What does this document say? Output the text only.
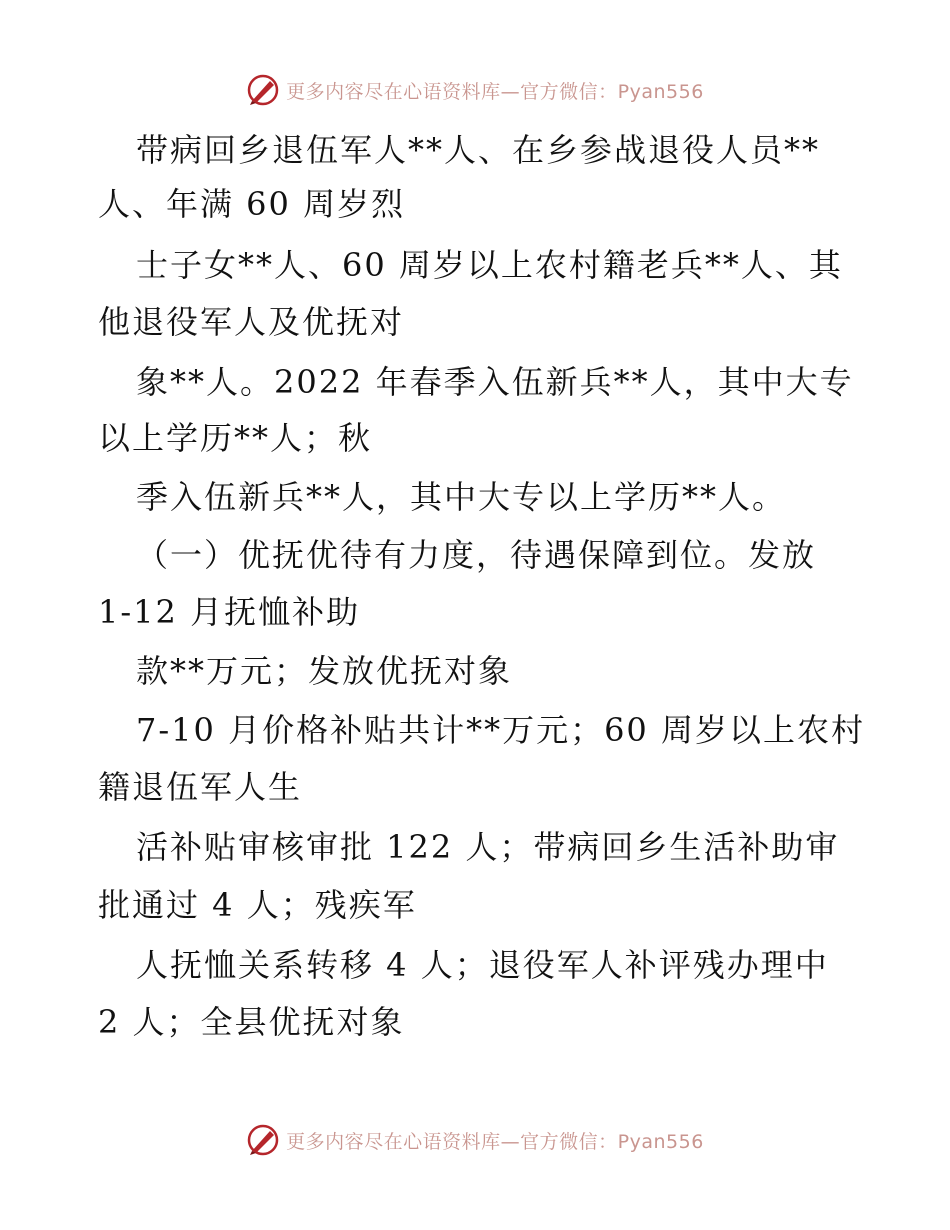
更多内容尽在心语资料库—官方微信：Pyan556
带病回乡退伍军人**人、在乡参战退役人员**
人、年满 60 周岁烈
士子女**人、60 周岁以上农村籍老兵**人、其
他退役军人及优抚对
象**人。2022 年春季入伍新兵**人，其中大专
以上学历**人；秋
季入伍新兵**人，其中大专以上学历**人。
（一）优抚优待有力度，待遇保障到位。发放
1-12 月抚恤补助
款**万元；发放优抚对象
7-10 月价格补贴共计**万元；60 周岁以上农村
籍退伍军人生
活补贴审核审批 122 人；带病回乡生活补助审
批通过 4 人；残疾军
人抚恤关系转移 4 人；退役军人补评残办理中
2 人；全县优抚对象
更多内容尽在心语资料库—官方微信：Pyan556
